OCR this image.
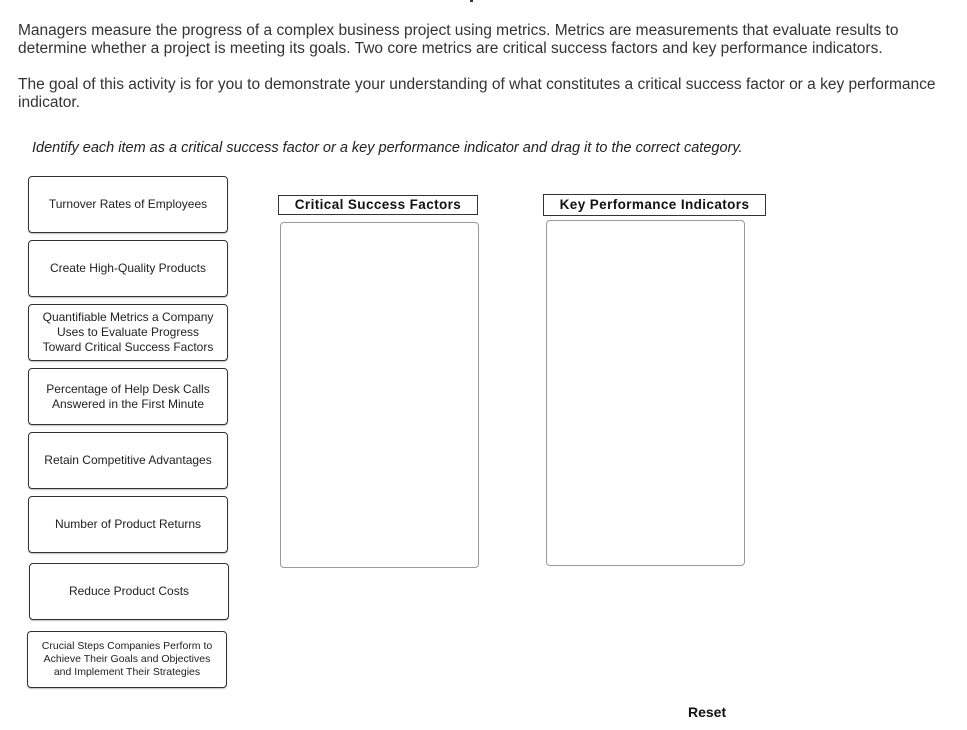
Managers measure the progress of a complex business project using metrics. Metrics are measurements that evaluate results to determine whether a project is meeting its goals. Two core metrics are critical success factors and key performance indicators.

The goal of this activity is for you to demonstrate your understanding of what constitutes a critical success factor or a key performance indicator.

Identify each item as a critical success factor or a key performance indicator and drag it to the correct category.
Turnover Rates of Employees
Create High-Quality Products
Quantifiable Metrics a Company Uses to Evaluate Progress Toward Critical Success Factors
Percentage of Help Desk Calls Answered in the First Minute
Retain Competitive Advantages
Number of Product Returns
Reduce Product Costs
Crucial Steps Companies Perform to Achieve Their Goals and Objectives and Implement Their Strategies
Critical Success Factors	Key Performance Indicators
Reset
